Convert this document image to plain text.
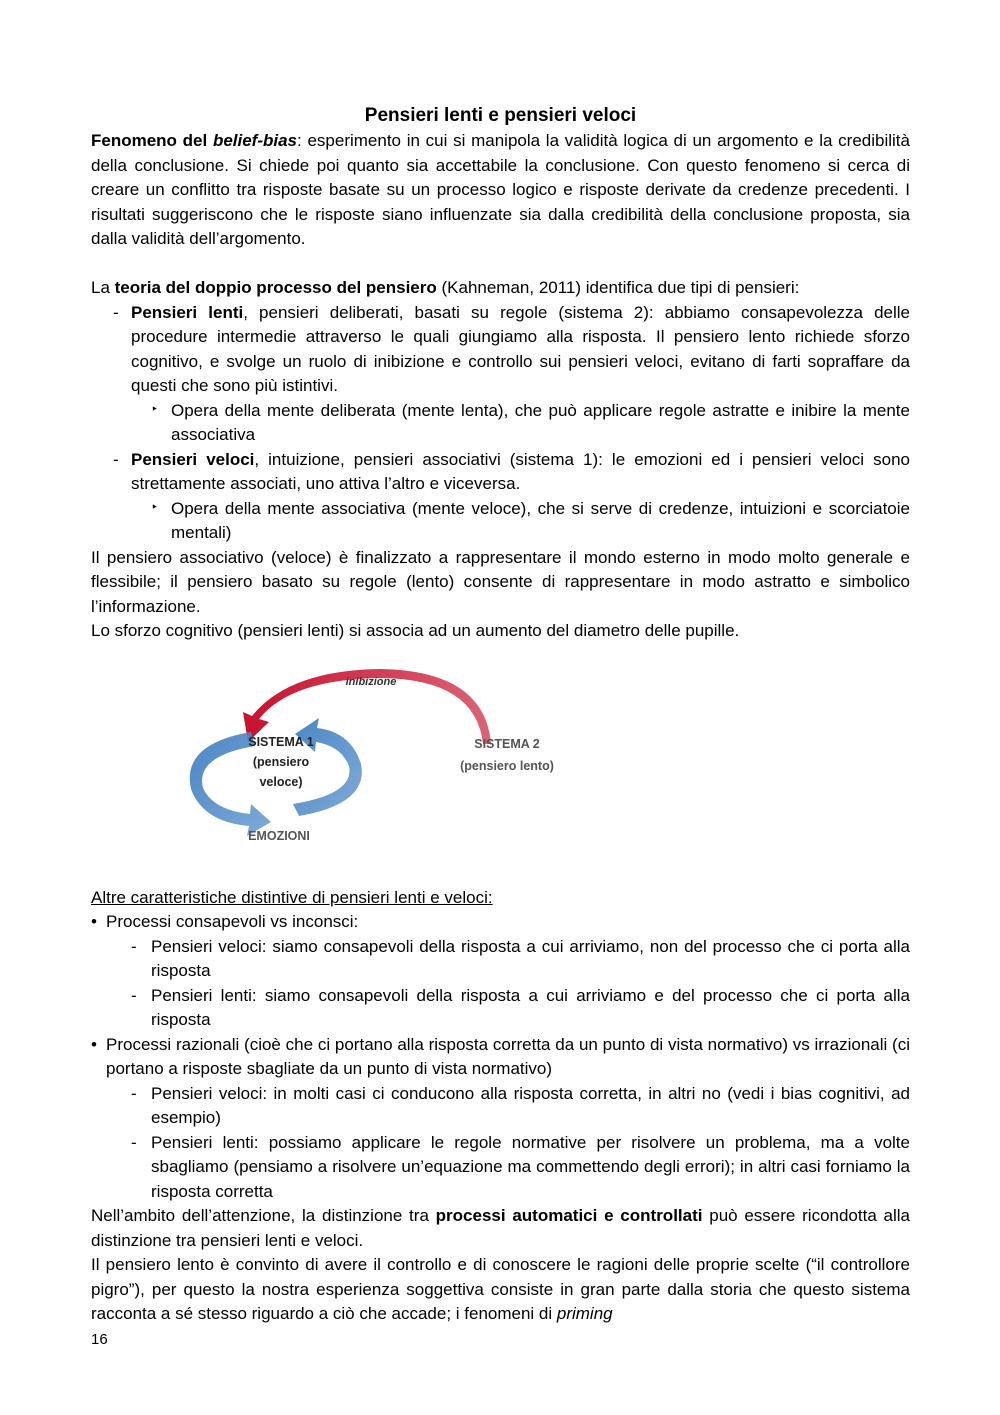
Pensieri lenti e pensieri veloci

Fenomeno del belief-bias: esperimento in cui si manipola la validità logica di un argomento e la credibilità della conclusione. Si chiede poi quanto sia accettabile la conclusione. Con questo fenomeno si cerca di creare un conflitto tra risposte basate su un processo logico e risposte derivate da credenze precedenti. I risultati suggeriscono che le risposte siano influenzate sia dalla credibilità della conclusione proposta, sia dalla validità dell’argomento.

La teoria del doppio processo del pensiero (Kahneman, 2011) identifica due tipi di pensieri:

- Pensieri lenti, pensieri deliberati, basati su regole (sistema 2): abbiamo consapevolezza delle procedure intermedie attraverso le quali giungiamo alla risposta. Il pensiero lento richiede sforzo cognitivo, e svolge un ruolo di inibizione e controllo sui pensieri veloci, evitano di farti sopraffare da questi che sono più istintivi.
‣ Opera della mente deliberata (mente lenta), che può applicare regole astratte e inibire la mente associativa
- Pensieri veloci, intuizione, pensieri associativi (sistema 1): le emozioni ed i pensieri veloci sono strettamente associati, uno attiva l’altro e viceversa.
‣ Opera della mente associativa (mente veloce), che si serve di credenze, intuizioni e scorciatoie mentali)

Il pensiero associativo (veloce) è finalizzato a rappresentare il mondo esterno in modo molto generale e flessibile; il pensiero basato su regole (lento) consente di rappresentare in modo astratto e simbolico l’informazione.

Lo sforzo cognitivo (pensieri lenti) si associa ad un aumento del diametro delle pupille.

inibizione
SISTEMA 1
(pensiero
veloce)
SISTEMA 2
(pensiero lento)
EMOZIONI

Altre caratteristiche distintive di pensieri lenti e veloci:

• Processi consapevoli vs inconsci:
- Pensieri veloci: siamo consapevoli della risposta a cui arriviamo, non del processo che ci porta alla risposta
- Pensieri lenti: siamo consapevoli della risposta a cui arriviamo e del processo che ci porta alla risposta
• Processi razionali (cioè che ci portano alla risposta corretta da un punto di vista normativo) vs irrazionali (ci portano a risposte sbagliate da un punto di vista normativo)
- Pensieri veloci: in molti casi ci conducono alla risposta corretta, in altri no (vedi i bias cognitivi, ad esempio)
- Pensieri lenti: possiamo applicare le regole normative per risolvere un problema, ma a volte sbagliamo (pensiamo a risolvere un’equazione ma commettendo degli errori); in altri casi forniamo la risposta corretta

Nell’ambito dell’attenzione, la distinzione tra processi automatici e controllati può essere ricondotta alla distinzione tra pensieri lenti e veloci.

Il pensiero lento è convinto di avere il controllo e di conoscere le ragioni delle proprie scelte (“il controllore pigro”), per questo la nostra esperienza soggettiva consiste in gran parte dalla storia che questo sistema racconta a sé stesso riguardo a ciò che accade; i fenomeni di priming

16
